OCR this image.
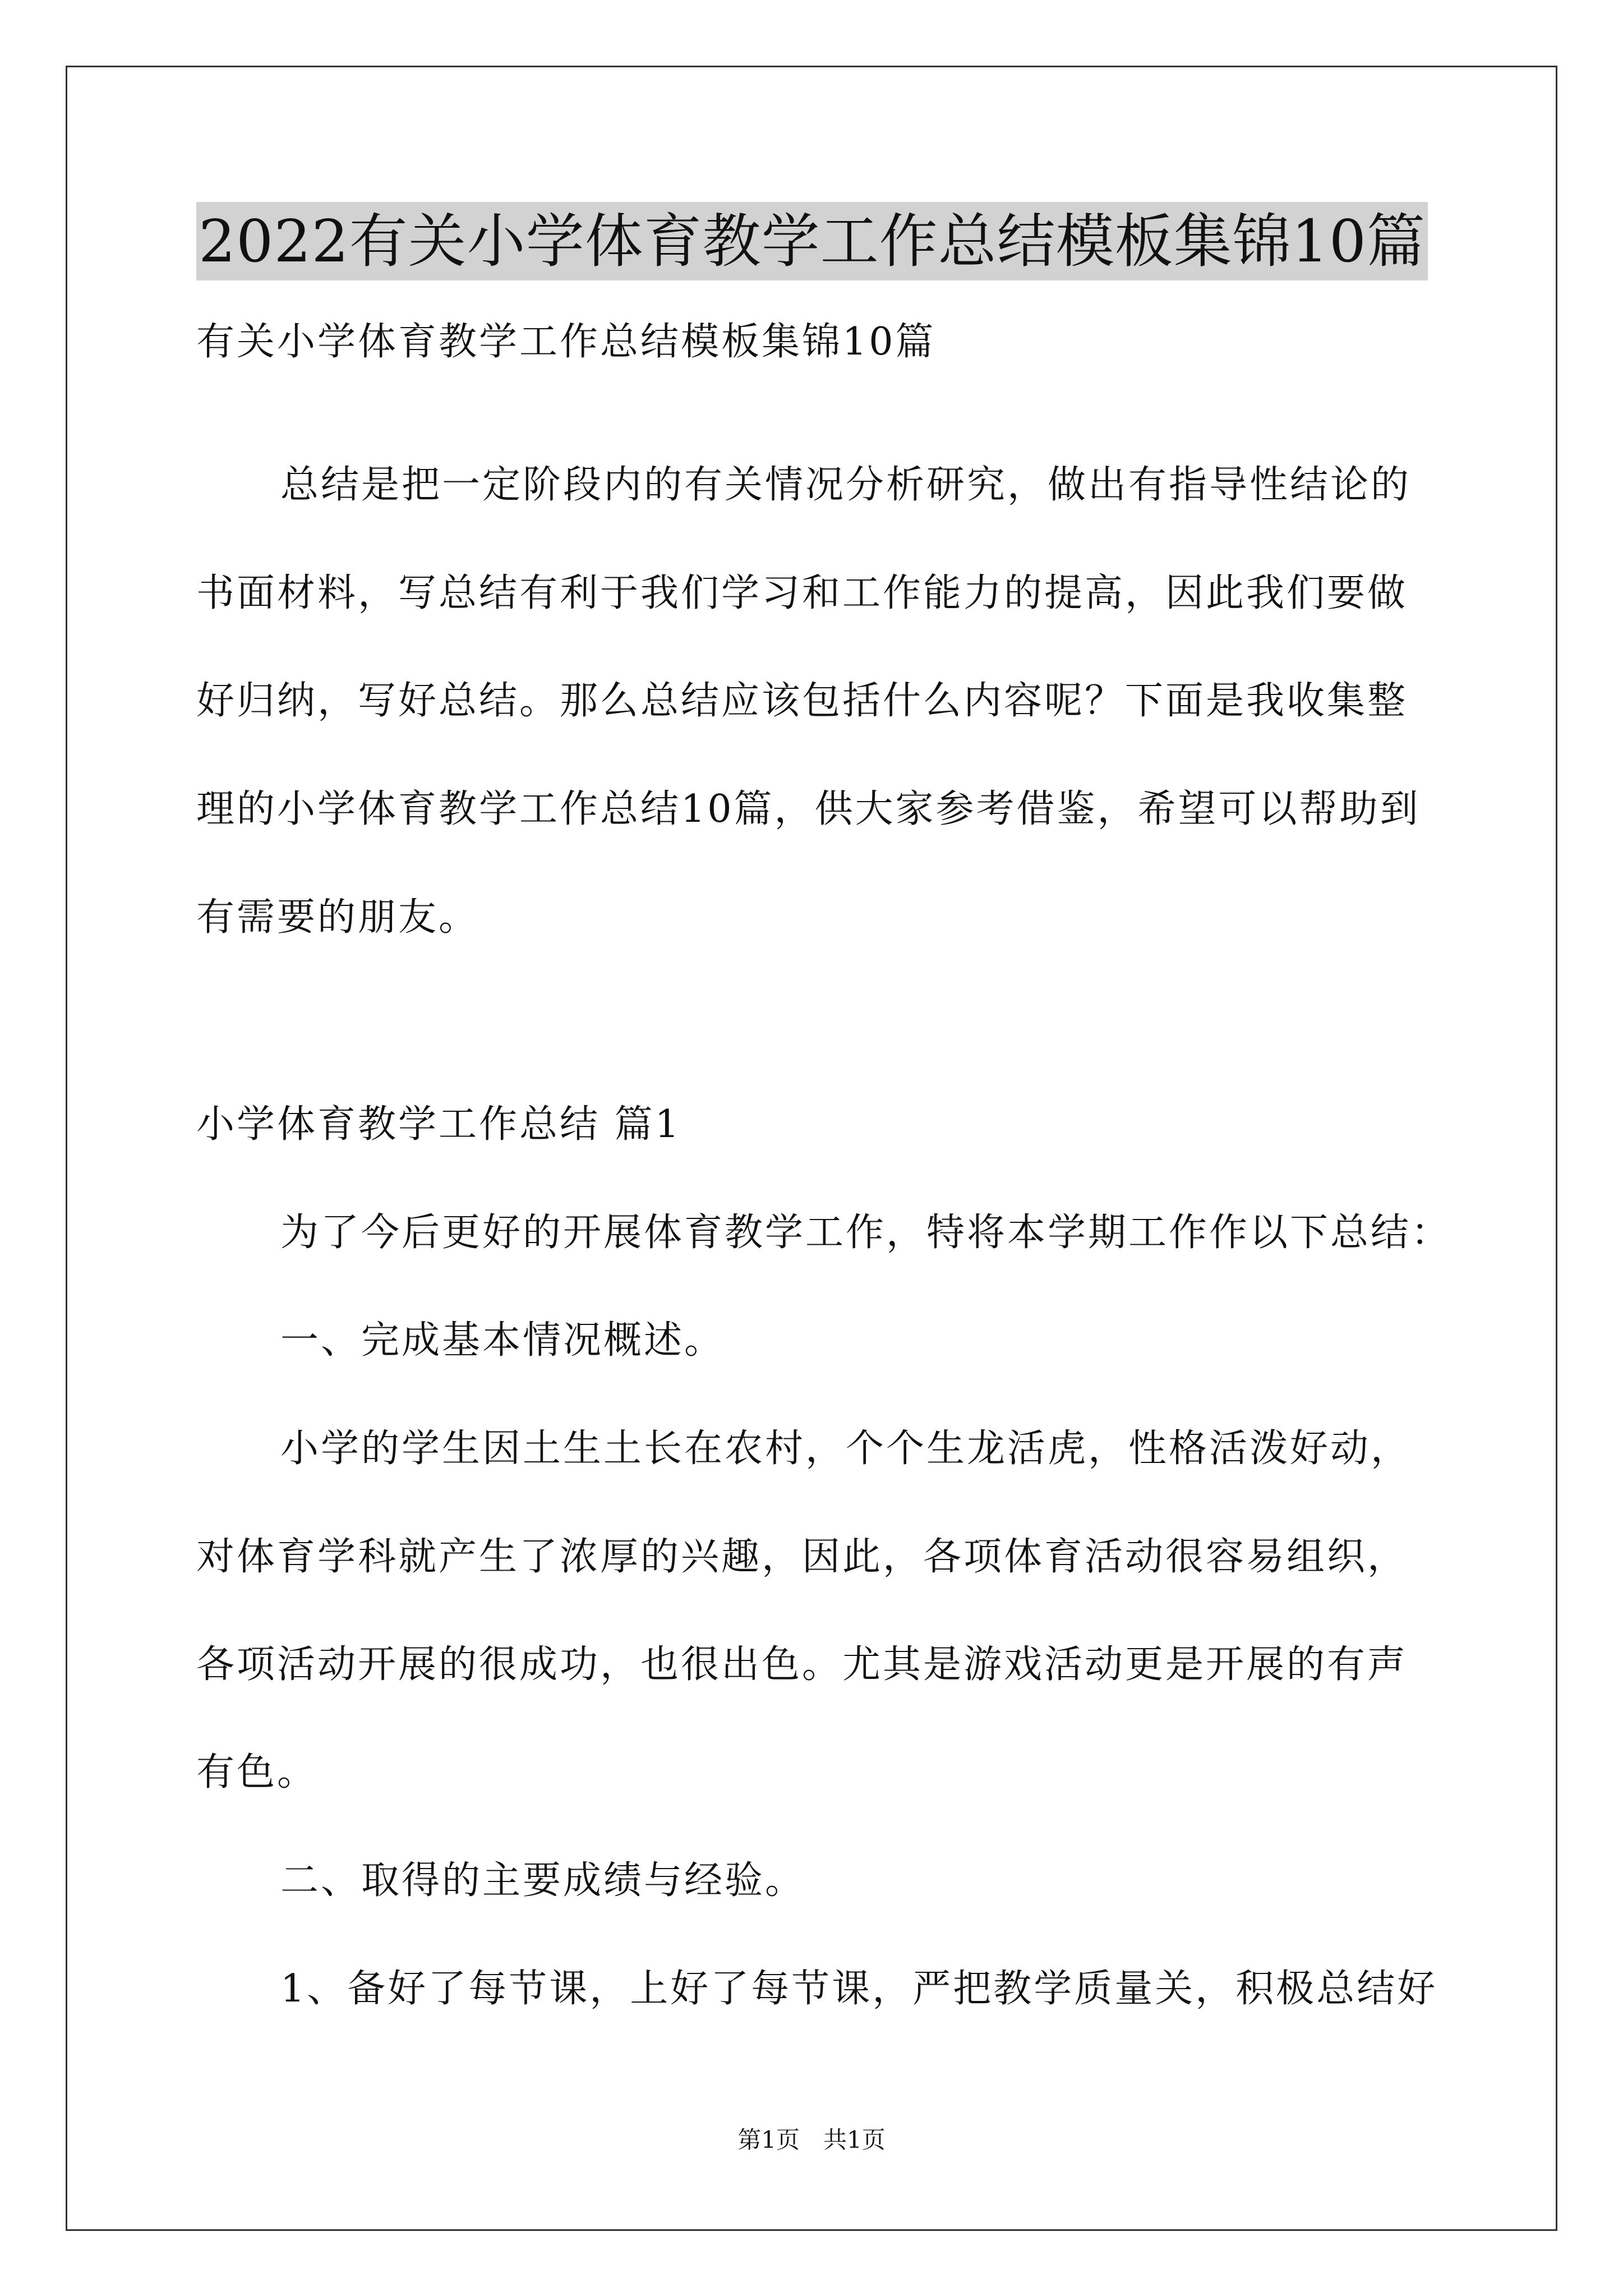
2022有关小学体育教学工作总结模板集锦10篇
有关小学体育教学工作总结模板集锦10篇
总结是把一定阶段内的有关情况分析研究，做出有指导性结论的
书面材料，写总结有利于我们学习和工作能力的提高，因此我们要做
好归纳，写好总结。那么总结应该包括什么内容呢？下面是我收集整
理的小学体育教学工作总结10篇，供大家参考借鉴，希望可以帮助到
有需要的朋友。
小学体育教学工作总结 篇1
为了今后更好的开展体育教学工作，特将本学期工作作以下总结：
一、完成基本情况概述。
小学的学生因土生土长在农村，个个生龙活虎，性格活泼好动，
对体育学科就产生了浓厚的兴趣，因此，各项体育活动很容易组织，
各项活动开展的很成功，也很出色。尤其是游戏活动更是开展的有声
有色。
二、取得的主要成绩与经验。
1、备好了每节课，上好了每节课，严把教学质量关，积极总结好
第1页　共1页
